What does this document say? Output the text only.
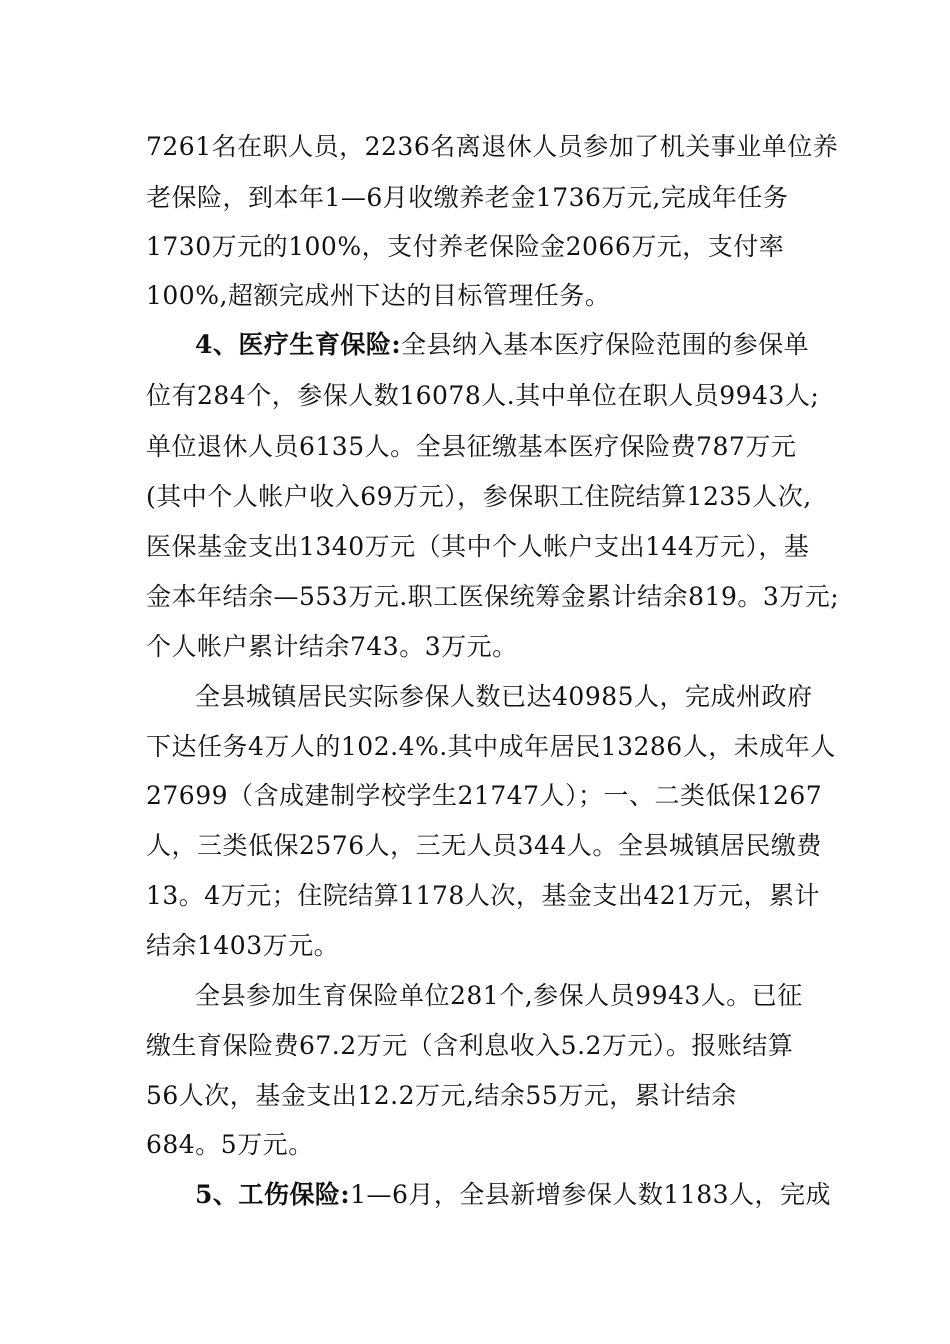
7261名在职人员，2236名离退休人员参加了机关事业单位养
老保险，到本年1—6月收缴养老金1736万元,完成年任务
1730万元的100%，支付养老保险金2066万元，支付率
100%,超额完成州下达的目标管理任务。
4、医疗生育保险:全县纳入基本医疗保险范围的参保单
位有284个，参保人数16078人.其中单位在职人员9943人;
单位退休人员6135人。全县征缴基本医疗保险费787万元
(其中个人帐户收入69万元），参保职工住院结算1235人次,
医保基金支出1340万元（其中个人帐户支出144万元），基
金本年结余—553万元.职工医保统筹金累计结余819。3万元;
个人帐户累计结余743。3万元。
全县城镇居民实际参保人数已达40985人，完成州政府
下达任务4万人的102.4%.其中成年居民13286人，未成年人
27699（含成建制学校学生21747人）；一、二类低保1267
人，三类低保2576人，三无人员344人。全县城镇居民缴费
13。4万元；住院结算1178人次，基金支出421万元，累计
结余1403万元。
全县参加生育保险单位281个,参保人员9943人。已征
缴生育保险费67.2万元（含利息收入5.2万元）。报账结算
56人次，基金支出12.2万元,结余55万元，累计结余
684。5万元。
5、工伤保险:1—6月，全县新增参保人数1183人，完成
